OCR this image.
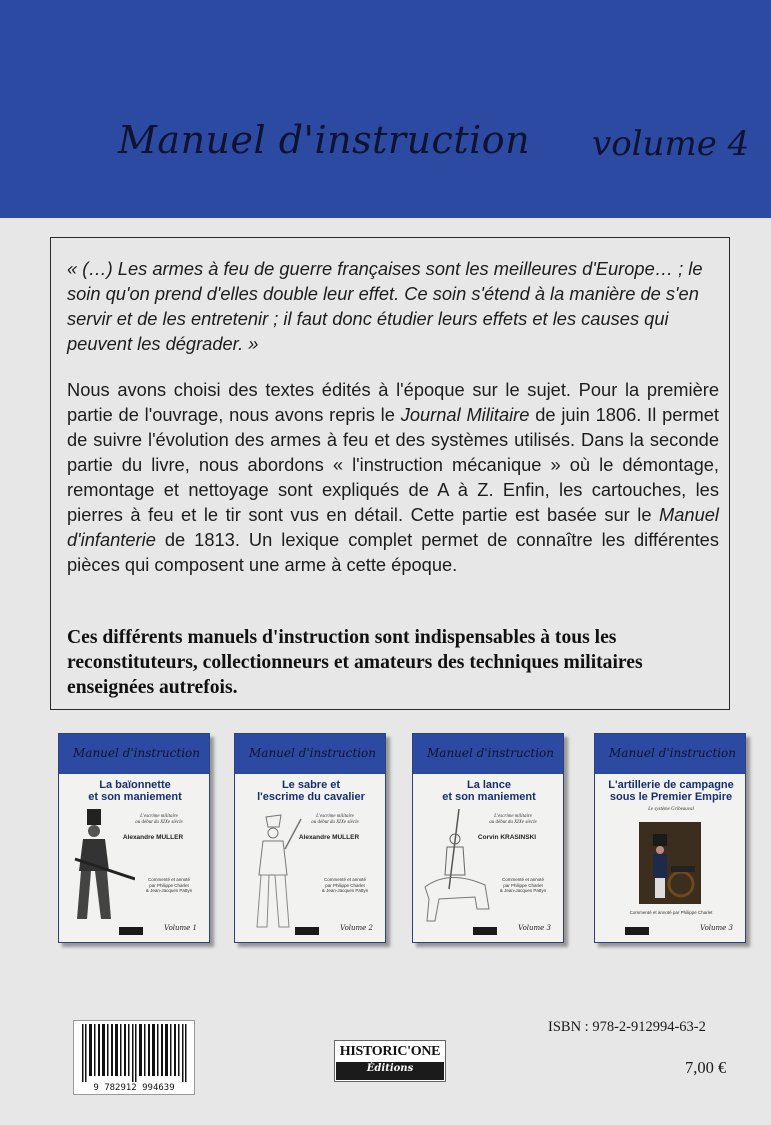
Manuel d'instruction volume 4

« (…) Les armes à feu de guerre françaises sont les meilleures d'Europe… ; le soin qu'on prend d'elles double leur effet. Ce soin s'étend à la manière de s'en servir et de les entretenir ; il faut donc étudier leurs effets et les causes qui peuvent les dégrader. »

Nous avons choisi des textes édités à l'époque sur le sujet. Pour la première partie de l'ouvrage, nous avons repris le Journal Militaire de juin 1806. Il permet de suivre l'évolution des armes à feu et des systèmes utilisés. Dans la seconde partie du livre, nous abordons « l'instruction mécanique » où le démontage, remontage et nettoyage sont expliqués de A à Z. Enfin, les cartouches, les pierres à feu et le tir sont vus en détail. Cette partie est basée sur le Manuel d'infanterie de 1813. Un lexique complet permet de connaître les différentes pièces qui composent une arme à cette époque.

Ces différents manuels d'instruction sont indispensables à tous les reconstituteurs, collectionneurs et amateurs des techniques militaires enseignées autrefois.

Manuel d'instruction
La baïonnette
et son maniement
Alexandre MULLER
L'escrime militaire
au début du XIXe siècle
Commenté et annoté
par Philippe Charlet
& Jean-Jacques Pattyn
Volume 1
Manuel d'instruction
Le sabre et
l'escrime du cavalier
L'escrime militaire
au début du XIXe siècle
Alexandre MULLER
Commenté et annoté
par Philippe Charlet
& Jean-Jacques Pattyn
Volume 2
Manuel d'instruction
La lance
et son maniement
L'escrime militaire
au début du XIXe siècle
Corvin KRASINSKI
Commenté et annoté
par Philippe Charlet
& Jean-Jacques Pattyn
Volume 3
Manuel d'instruction
L'artillerie de campagne
sous le Premier Empire
Le système Gribeauval
Commenté et annoté par Philippe Charlet
Volume 3
9 782912 994639
HISTORIC'ONE
Éditions
ISBN : 978-2-912994-63-2
7,00 €
